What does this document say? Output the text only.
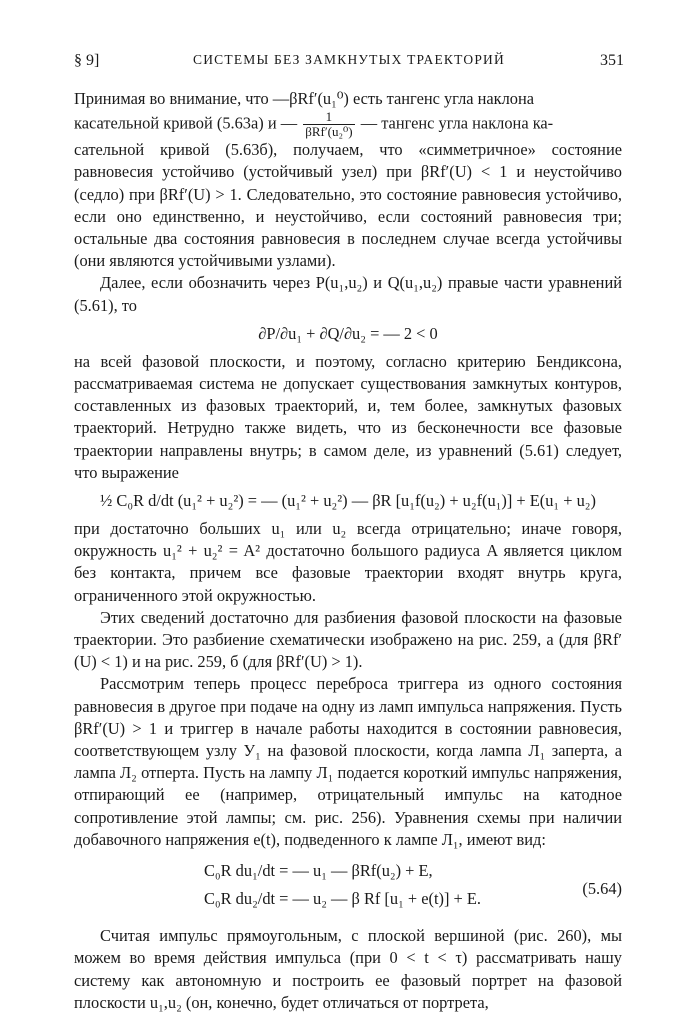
§ 9]	СИСТЕМЫ БЕЗ ЗАМКНУТЫХ ТРАЕКТОРИЙ	351

Принимая во внимание, что —βRf′(u₁⁰) есть тангенс угла наклона

касательной кривой (5.63а) и — $\frac{1}{\text{βRf′(u₂⁰)}}$ — тангенс угла наклона ка-

сательной кривой (5.63б), получаем, что «симметричное» состояние равновесия устойчиво (устойчивый узел) при βRf′(U) < 1 и неустойчиво (седло) при βRf′(U) > 1. Следовательно, это состояние равновесия устойчиво, если оно единственно, и неустойчиво, если состояний равновесия три; остальные два состояния равновесия в последнем случае всегда устойчивы (они являются устойчивыми узлами).

Далее, если обозначить через P(u₁,u₂) и Q(u₁,u₂) правые части уравнений (5.61), то

∂P/∂u₁ + ∂Q/∂u₂ = — 2 < 0

на всей фазовой плоскости, и поэтому, согласно критерию Бендиксона, рассматриваемая система не допускает существования замкнутых контуров, составленных из фазовых траекторий, и, тем более, замкнутых фазовых траекторий. Нетрудно также видеть, что из бесконечности все фазовые траектории направлены внутрь; в самом деле, из уравнений (5.61) следует, что выражение

½ C₀R d/dt (u₁² + u₂²) = — (u₁² + u₂²) — βR [u₁f(u₂) + u₂f(u₁)] + E(u₁ + u₂)

при достаточно больших u₁ или u₂ всегда отрицательно; иначе говоря, окружность u₁² + u₂² = A² достаточно большого радиуса A является циклом без контакта, причем все фазовые траектории входят внутрь круга, ограниченного этой окружностью.

Этих сведений достаточно для разбиения фазовой плоскости на фазовые траектории. Это разбиение схематически изображено на рис. 259, а (для βRf′(U) < 1) и на рис. 259, б (для βRf′(U) > 1).

Рассмотрим теперь процесс переброса триггера из одного состояния равновесия в другое при подаче на одну из ламп импульса напряжения. Пусть βRf′(U) > 1 и триггер в начале работы находится в состоянии равновесия, соответствующем узлу У₁ на фазовой плоскости, когда лампа Л₁ заперта, а лампа Л₂ отперта. Пусть на лампу Л₁ подается короткий импульс напряжения, отпирающий ее (например, отрицательный импульс на катодное сопротивление этой лампы; см. рис. 256). Уравнения схемы при наличии добавочного напряжения e(t), подведенного к лампе Л₁, имеют вид:

C₀R du₁/dt = — u₁ — βRf(u₂) + E,
C₀R du₂/dt = — u₂ — β Rf [u₁ + e(t)] + E.
(5.64)

Считая импульс прямоугольным, с плоской вершиной (рис. 260), мы можем во время действия импульса (при 0 < t < τ) рассматривать нашу систему как автономную и построить ее фазовый портрет на фазовой плоскости u₁,u₂ (он, конечно, будет отличаться от портрета,
